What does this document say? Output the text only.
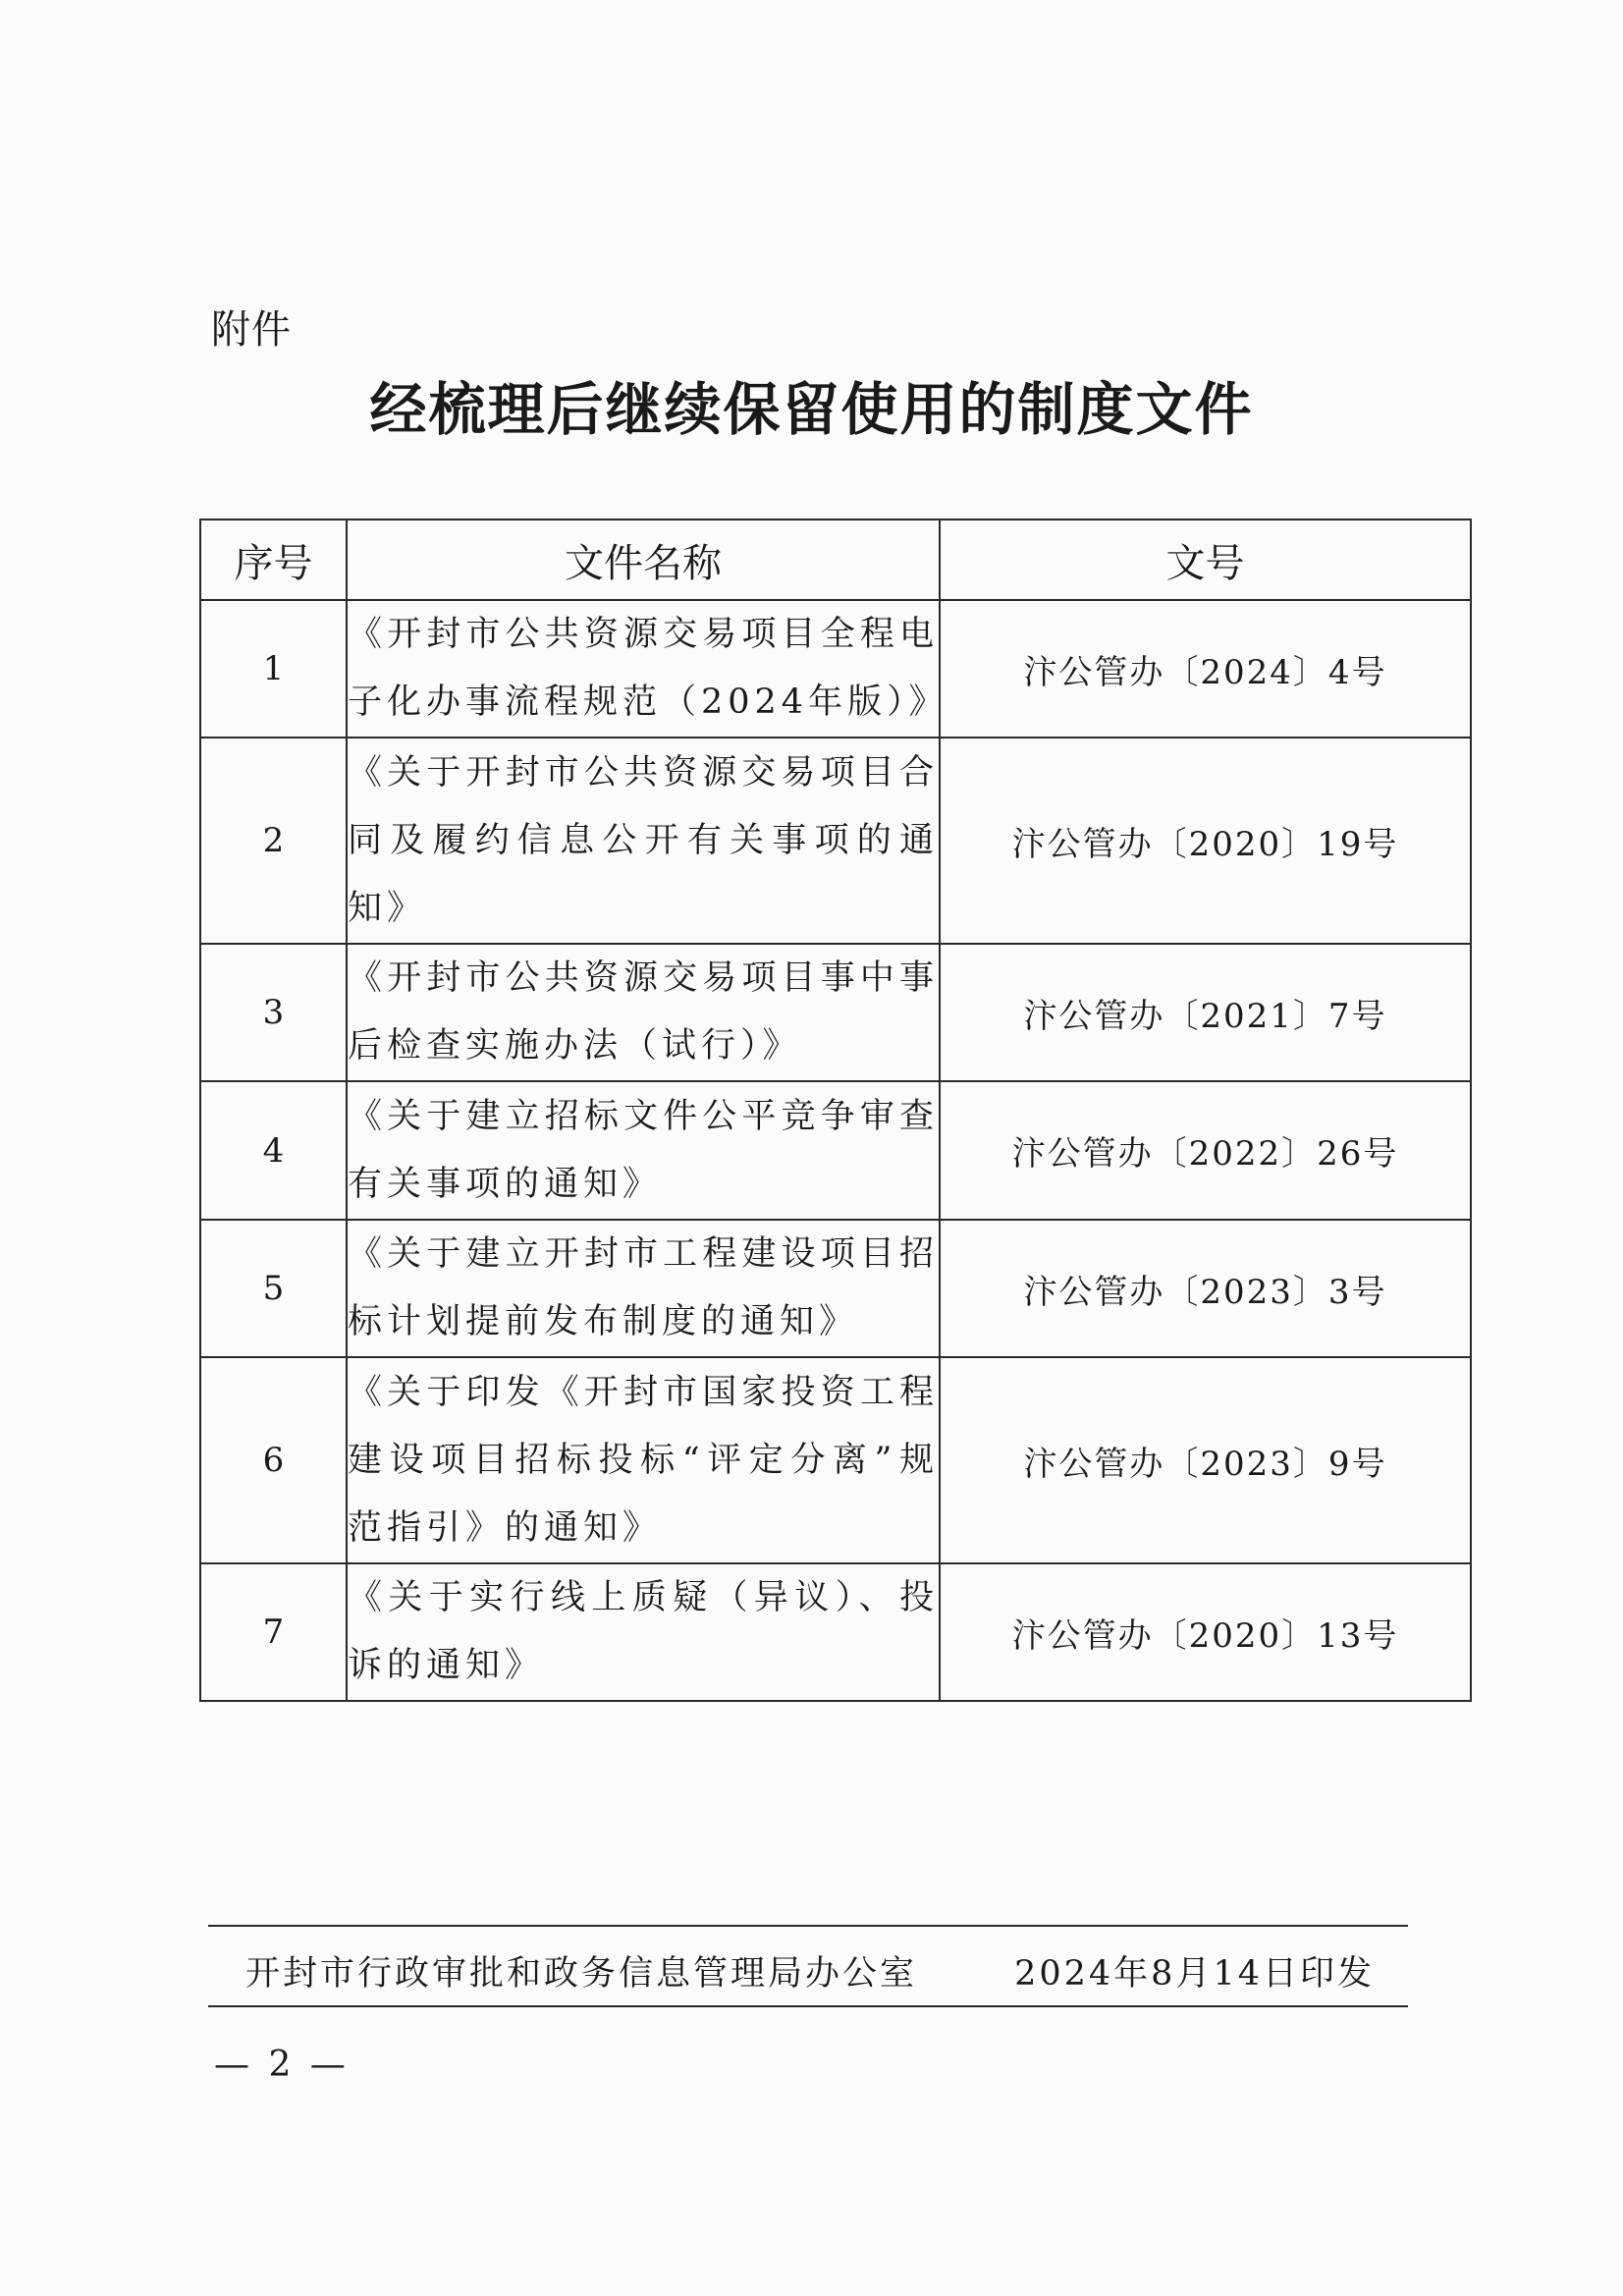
附件
经梳理后继续保留使用的制度文件
序号	文件名称	文号
1	《开封市公共资源交易项目全程电子化办事流程规范（2024年版）》	汴公管办〔2024〕4号
2	《关于开封市公共资源交易项目合同及履约信息公开有关事项的通知》	汴公管办〔2020〕19号
3	《开封市公共资源交易项目事中事后检查实施办法（试行）》	汴公管办〔2021〕7号
4	《关于建立招标文件公平竞争审查有关事项的通知》	汴公管办〔2022〕26号
5	《关于建立开封市工程建设项目招标计划提前发布制度的通知》	汴公管办〔2023〕3号
6	《关于印发《开封市国家投资工程建设项目招标投标“评定分离”规范指引》的通知》	汴公管办〔2023〕9号
7	《关于实行线上质疑（异议）、投诉的通知》	汴公管办〔2020〕13号
开封市行政审批和政务信息管理局办公室	2024年8月14日印发
— 2 —
